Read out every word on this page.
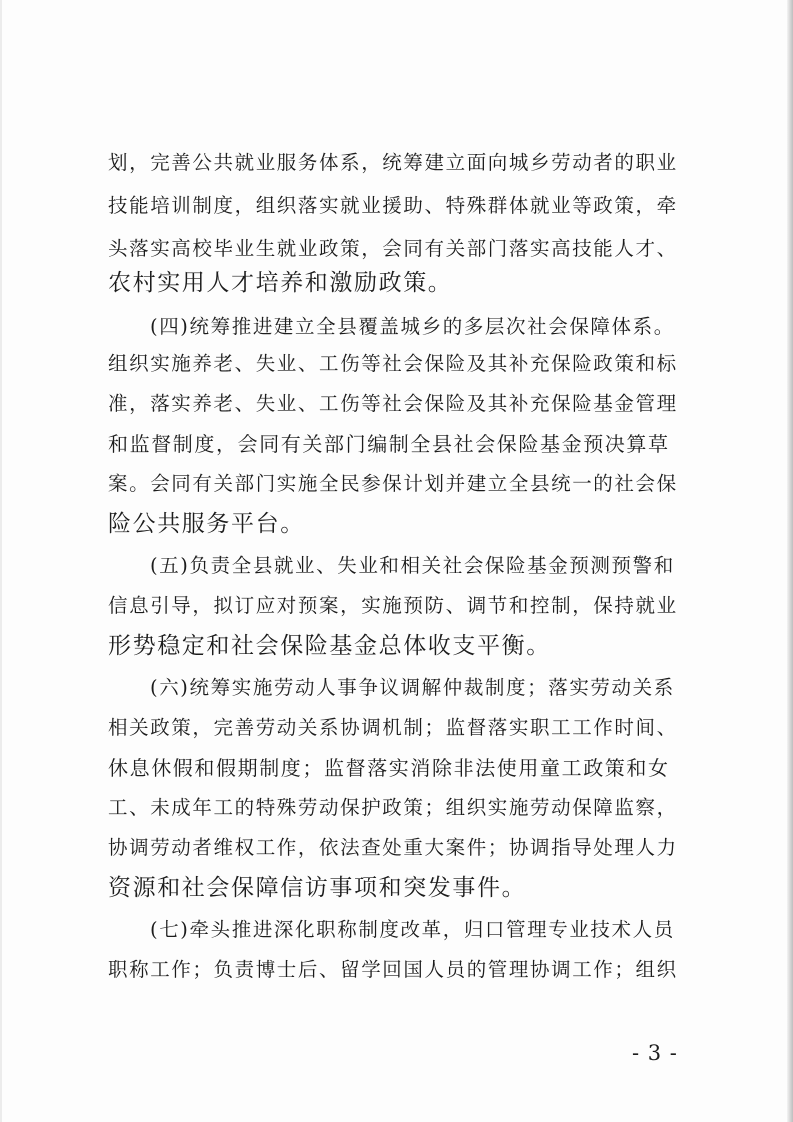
划，完善公共就业服务体系，统筹建立面向城乡劳动者的职业

技能培训制度，组织落实就业援助、特殊群体就业等政策，牵

头落实高校毕业生就业政策，会同有关部门落实高技能人才、

农村实用人才培养和激励政策。

(四)统筹推进建立全县覆盖城乡的多层次社会保障体系。

组织实施养老、失业、工伤等社会保险及其补充保险政策和标

准，落实养老、失业、工伤等社会保险及其补充保险基金管理

和监督制度，会同有关部门编制全县社会保险基金预决算草

案。会同有关部门实施全民参保计划并建立全县统一的社会保

险公共服务平台。

(五)负责全县就业、失业和相关社会保险基金预测预警和

信息引导，拟订应对预案，实施预防、调节和控制，保持就业

形势稳定和社会保险基金总体收支平衡。

(六)统筹实施劳动人事争议调解仲裁制度；落实劳动关系

相关政策，完善劳动关系协调机制；监督落实职工工作时间、

休息休假和假期制度；监督落实消除非法使用童工政策和女

工、未成年工的特殊劳动保护政策；组织实施劳动保障监察，

协调劳动者维权工作，依法查处重大案件；协调指导处理人力

资源和社会保障信访事项和突发事件。

(七)牵头推进深化职称制度改革，归口管理专业技术人员

职称工作；负责博士后、留学回国人员的管理协调工作；组织

- 3 -
